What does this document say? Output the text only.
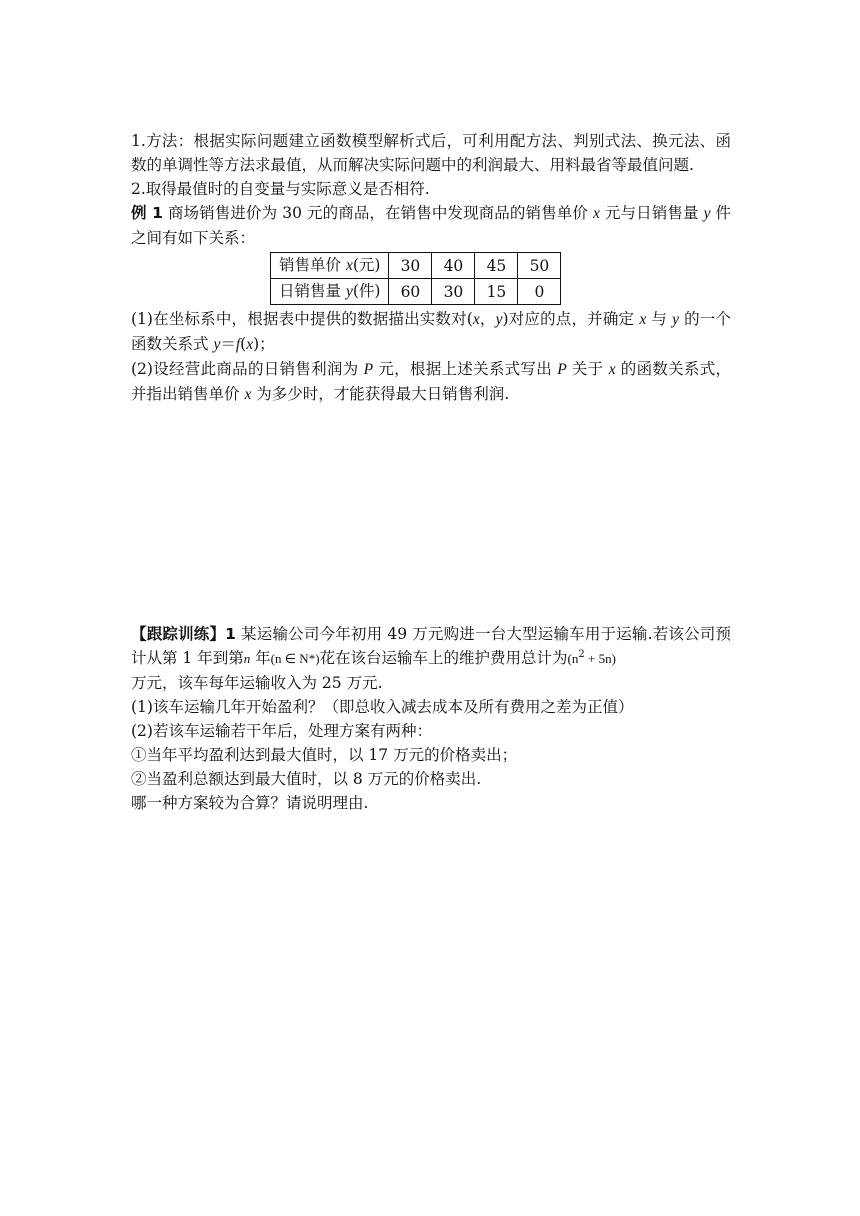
1.方法：根据实际问题建立函数模型解析式后，可利用配方法、判别式法、换元法、函数的单调性等方法求最值，从而解决实际问题中的利润最大、用料最省等最值问题.

2.取得最值时的自变量与实际意义是否相符.

例 1 商场销售进价为 30 元的商品，在销售中发现商品的销售单价 x 元与日销售量 y 件之间有如下关系：

销售单价 x(元)	30	40	45	50
日销售量 y(件)	60	30	15	0

(1)在坐标系中，根据表中提供的数据描出实数对(x，y)对应的点，并确定 x 与 y 的一个函数关系式 y＝f(x)；

(2)设经营此商品的日销售利润为 P 元，根据上述关系式写出 P 关于 x 的函数关系式，并指出销售单价 x 为多少时，才能获得最大日销售利润.

【跟踪训练】1 某运输公司今年初用 49 万元购进一台大型运输车用于运输.若该公司预计从第 1 年到第n 年(n ∈ N*)花在该台运输车上的维护费用总计为$(n^2 + 5n)$
万元，该车每年运输收入为 25 万元.

(1)该车运输几年开始盈利？（即总收入减去成本及所有费用之差为正值）

(2)若该车运输若干年后，处理方案有两种：

①当年平均盈利达到最大值时，以 17 万元的价格卖出；

②当盈利总额达到最大值时，以 8 万元的价格卖出.

哪一种方案较为合算？请说明理由.
